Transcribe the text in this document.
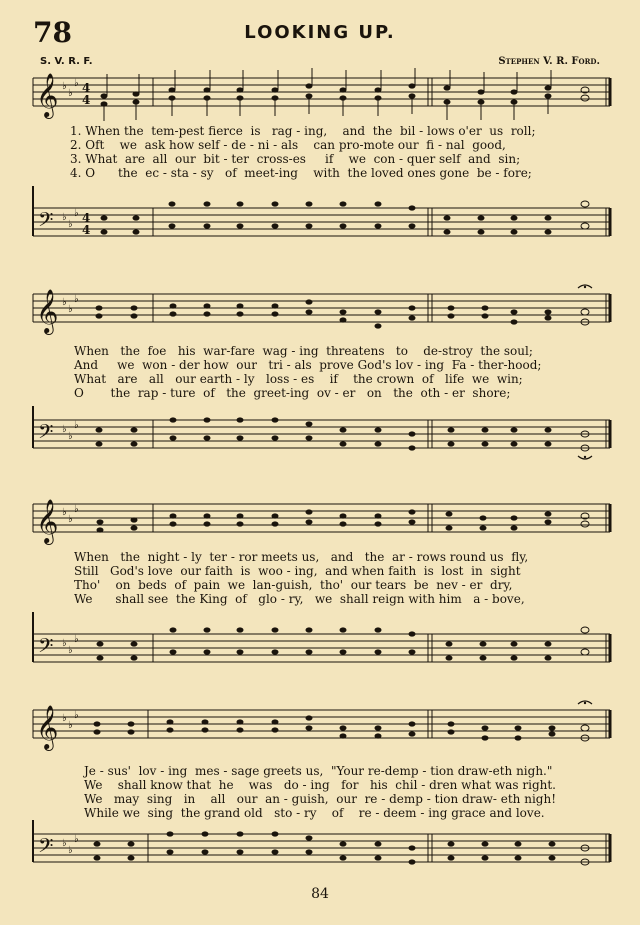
78	LOOKING UP.
S. V. R. F.	Stephen V. R. Ford.
𝄞 ♭
♭
♭ 4
4
1. When the  tem-pest fierce  is   rag - ing,    and  the  bil - lows o'er  us  roll;
2. Oft    we  ask how self - de - ni - als    can pro-mote our  fi - nal  good,
3. What  are  all  our  bit - ter  cross-es     if    we  con - quer self  and  sin;
4. O      the  ec - sta - sy   of  meet-ing    with  the loved ones gone  be - fore;
𝄢 ♭
♭
♭ 4
4
𝄞 ♭
♭
♭
When   the  foe   his  war-fare  wag - ing  threatens   to    de-stroy  the soul;
And     we  won - der how  our   tri - als  prove God's lov - ing  Fa - ther-hood;
What   are   all   our earth - ly   loss - es    if    the crown  of   life  we  win;
O       the  rap - ture  of   the  greet-ing  ov - er   on   the  oth - er  shore;
𝄢 ♭
♭
♭
𝄞 ♭
♭
♭
When   the  night - ly  ter - ror meets us,   and   the  ar - rows round us  fly,
Still   God's love  our faith  is  woo - ing,  and when faith  is  lost  in  sight
Tho'    on  beds  of  pain  we  lan-guish,  tho'  our tears  be  nev - er  dry,
We      shall see  the King  of   glo - ry,   we  shall reign with him   a - bove,
𝄢 ♭
♭
♭
𝄞 ♭
♭
♭
Je - sus'  lov - ing  mes - sage greets us,  "Your re-demp - tion draw-eth nigh."
We    shall know that  he    was   do - ing   for   his  chil - dren what was right.
We   may  sing   in    all   our  an - guish,  our  re - demp - tion draw- eth nigh!
While we  sing  the grand old   sto - ry    of    re - deem - ing grace and love.
𝄢 ♭
♭
♭
84
